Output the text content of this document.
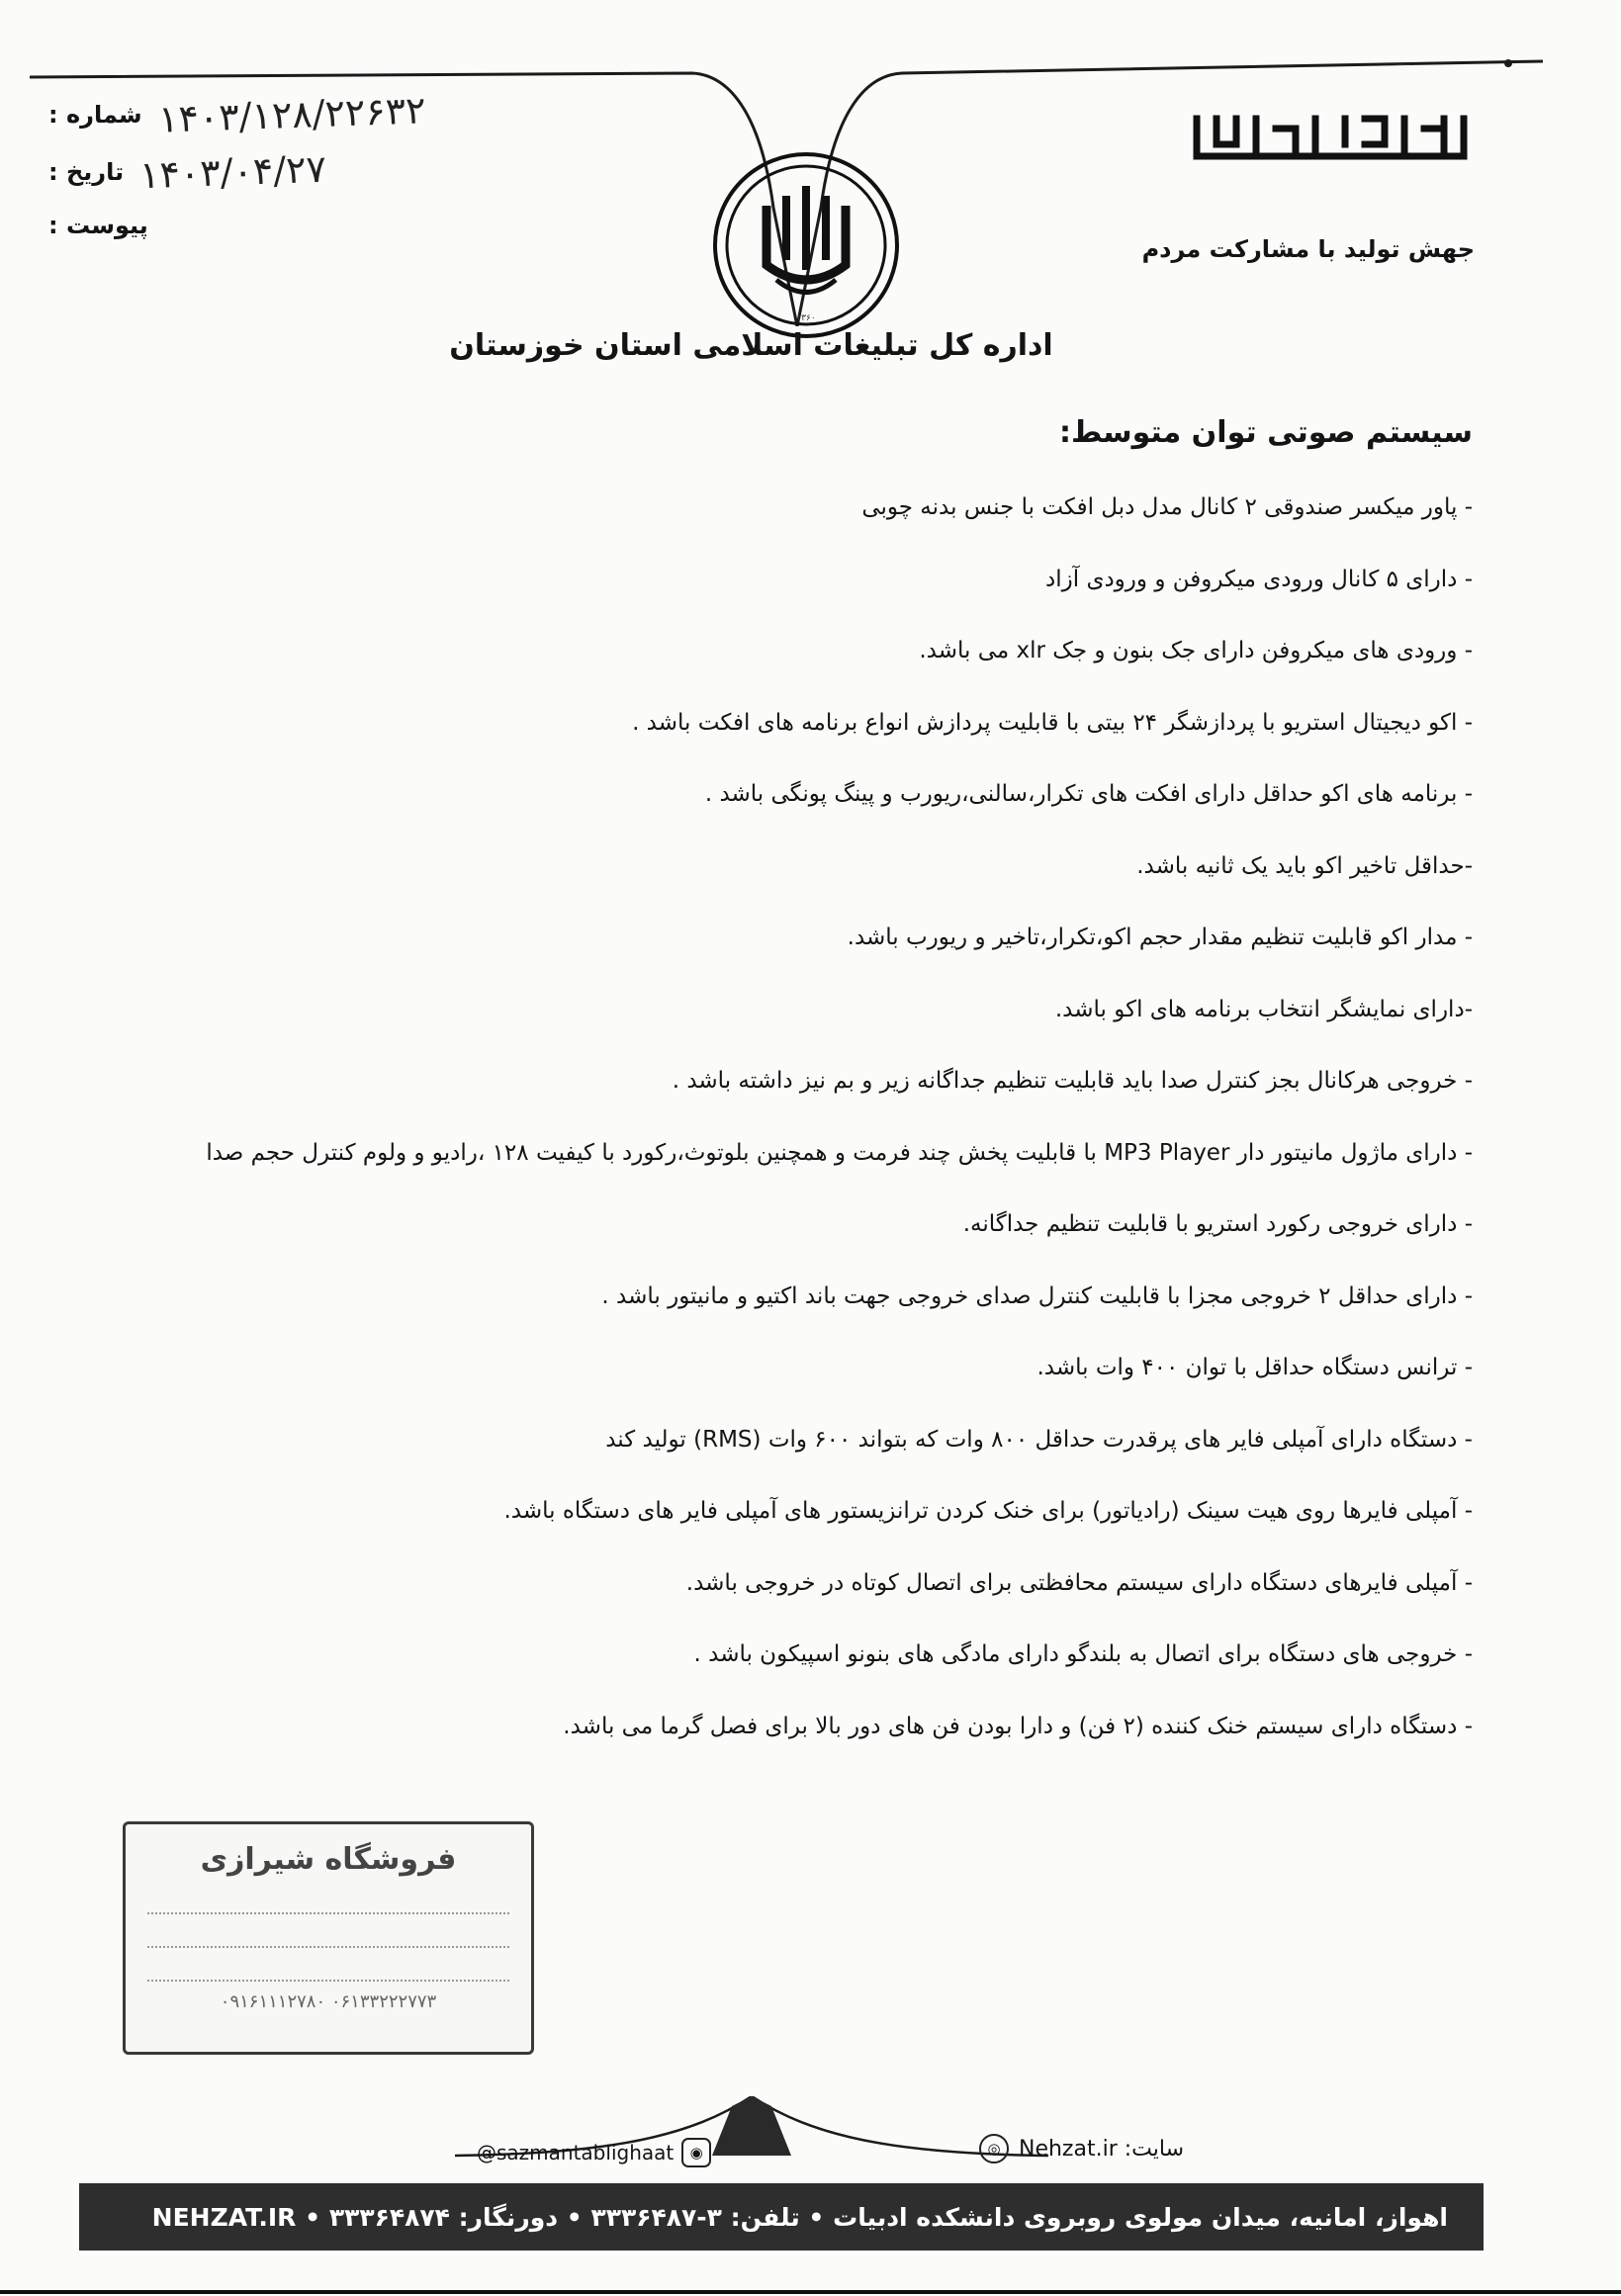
—
شماره : ۱۴۰۳/۱۲۸/۲۲۶۳۲
تاریخ : ۱۴۰۳/۰۴/۲۷
پیوست :
جهش تولید با مشارکت مردم
۱۳۶۰
اداره کل تبلیغات اسلامی استان خوزستان
سیستم صوتی توان متوسط:
- پاور میکسر صندوقی ۲ کانال مدل دبل افکت با جنس بدنه چوبی
- دارای ۵ کانال ورودی میکروفن و ورودی آزاد
- ورودی های میکروفن دارای جک بنون و جک xlr می باشد.
- اکو دیجیتال استریو با پردازشگر ۲۴ بیتی با قابلیت پردازش انواع برنامه های افکت باشد .
- برنامه های اکو حداقل دارای افکت های تکرار،سالنی،ریورب و پینگ پونگی باشد .
-حداقل تاخیر اکو باید یک ثانیه باشد.
- مدار اکو قابلیت تنظیم مقدار حجم اکو،تکرار،تاخیر و ریورب باشد.
-دارای نمایشگر انتخاب برنامه های اکو باشد.
- خروجی هرکانال بجز کنترل صدا باید قابلیت تنظیم جداگانه زیر و بم نیز داشته باشد .
- دارای ماژول مانیتور دار MP3 Player با قابلیت پخش چند فرمت و همچنین بلوتوث،رکورد با کیفیت ۱۲۸ ،رادیو و ولوم کنترل حجم صدا
- دارای خروجی رکورد استریو با قابلیت تنظیم جداگانه.
- دارای حداقل ۲ خروجی مجزا با قابلیت کنترل صدای خروجی جهت باند اکتیو و مانیتور باشد .
- ترانس دستگاه حداقل با توان ۴۰۰ وات باشد.
- دستگاه دارای آمپلی فایر های پرقدرت حداقل ۸۰۰ وات که بتواند ۶۰۰ وات (RMS) تولید کند
- آمپلی فایرها روی هیت سینک (رادیاتور) برای خنک کردن ترانزیستور های آمپلی فایر های دستگاه باشد.
- آمپلی فایرهای دستگاه دارای سیستم محافظتی برای اتصال کوتاه در خروجی باشد.
- خروجی های دستگاه برای اتصال به بلندگو دارای مادگی های بنونو اسپیکون باشد .
- دستگاه دارای سیستم خنک کننده (۲ فن) و دارا بودن فن های دور بالا برای فصل گرما می باشد.
فروشگاه شیرازی
۰۹۱۶۱۱۱۲۷۸۰ ۰۶۱۳۳۲۲۲۷۷۳
سایت: Nehzat.ir
◎
@sazmantablighaat	◉
اهواز، امانیه، میدان مولوی روبروی دانشکده ادبیات • تلفن: ۳-۳۳۳۶۴۸۷ • دورنگار: ۳۳۳۶۴۸۷۴ • NEHZAT.IR
